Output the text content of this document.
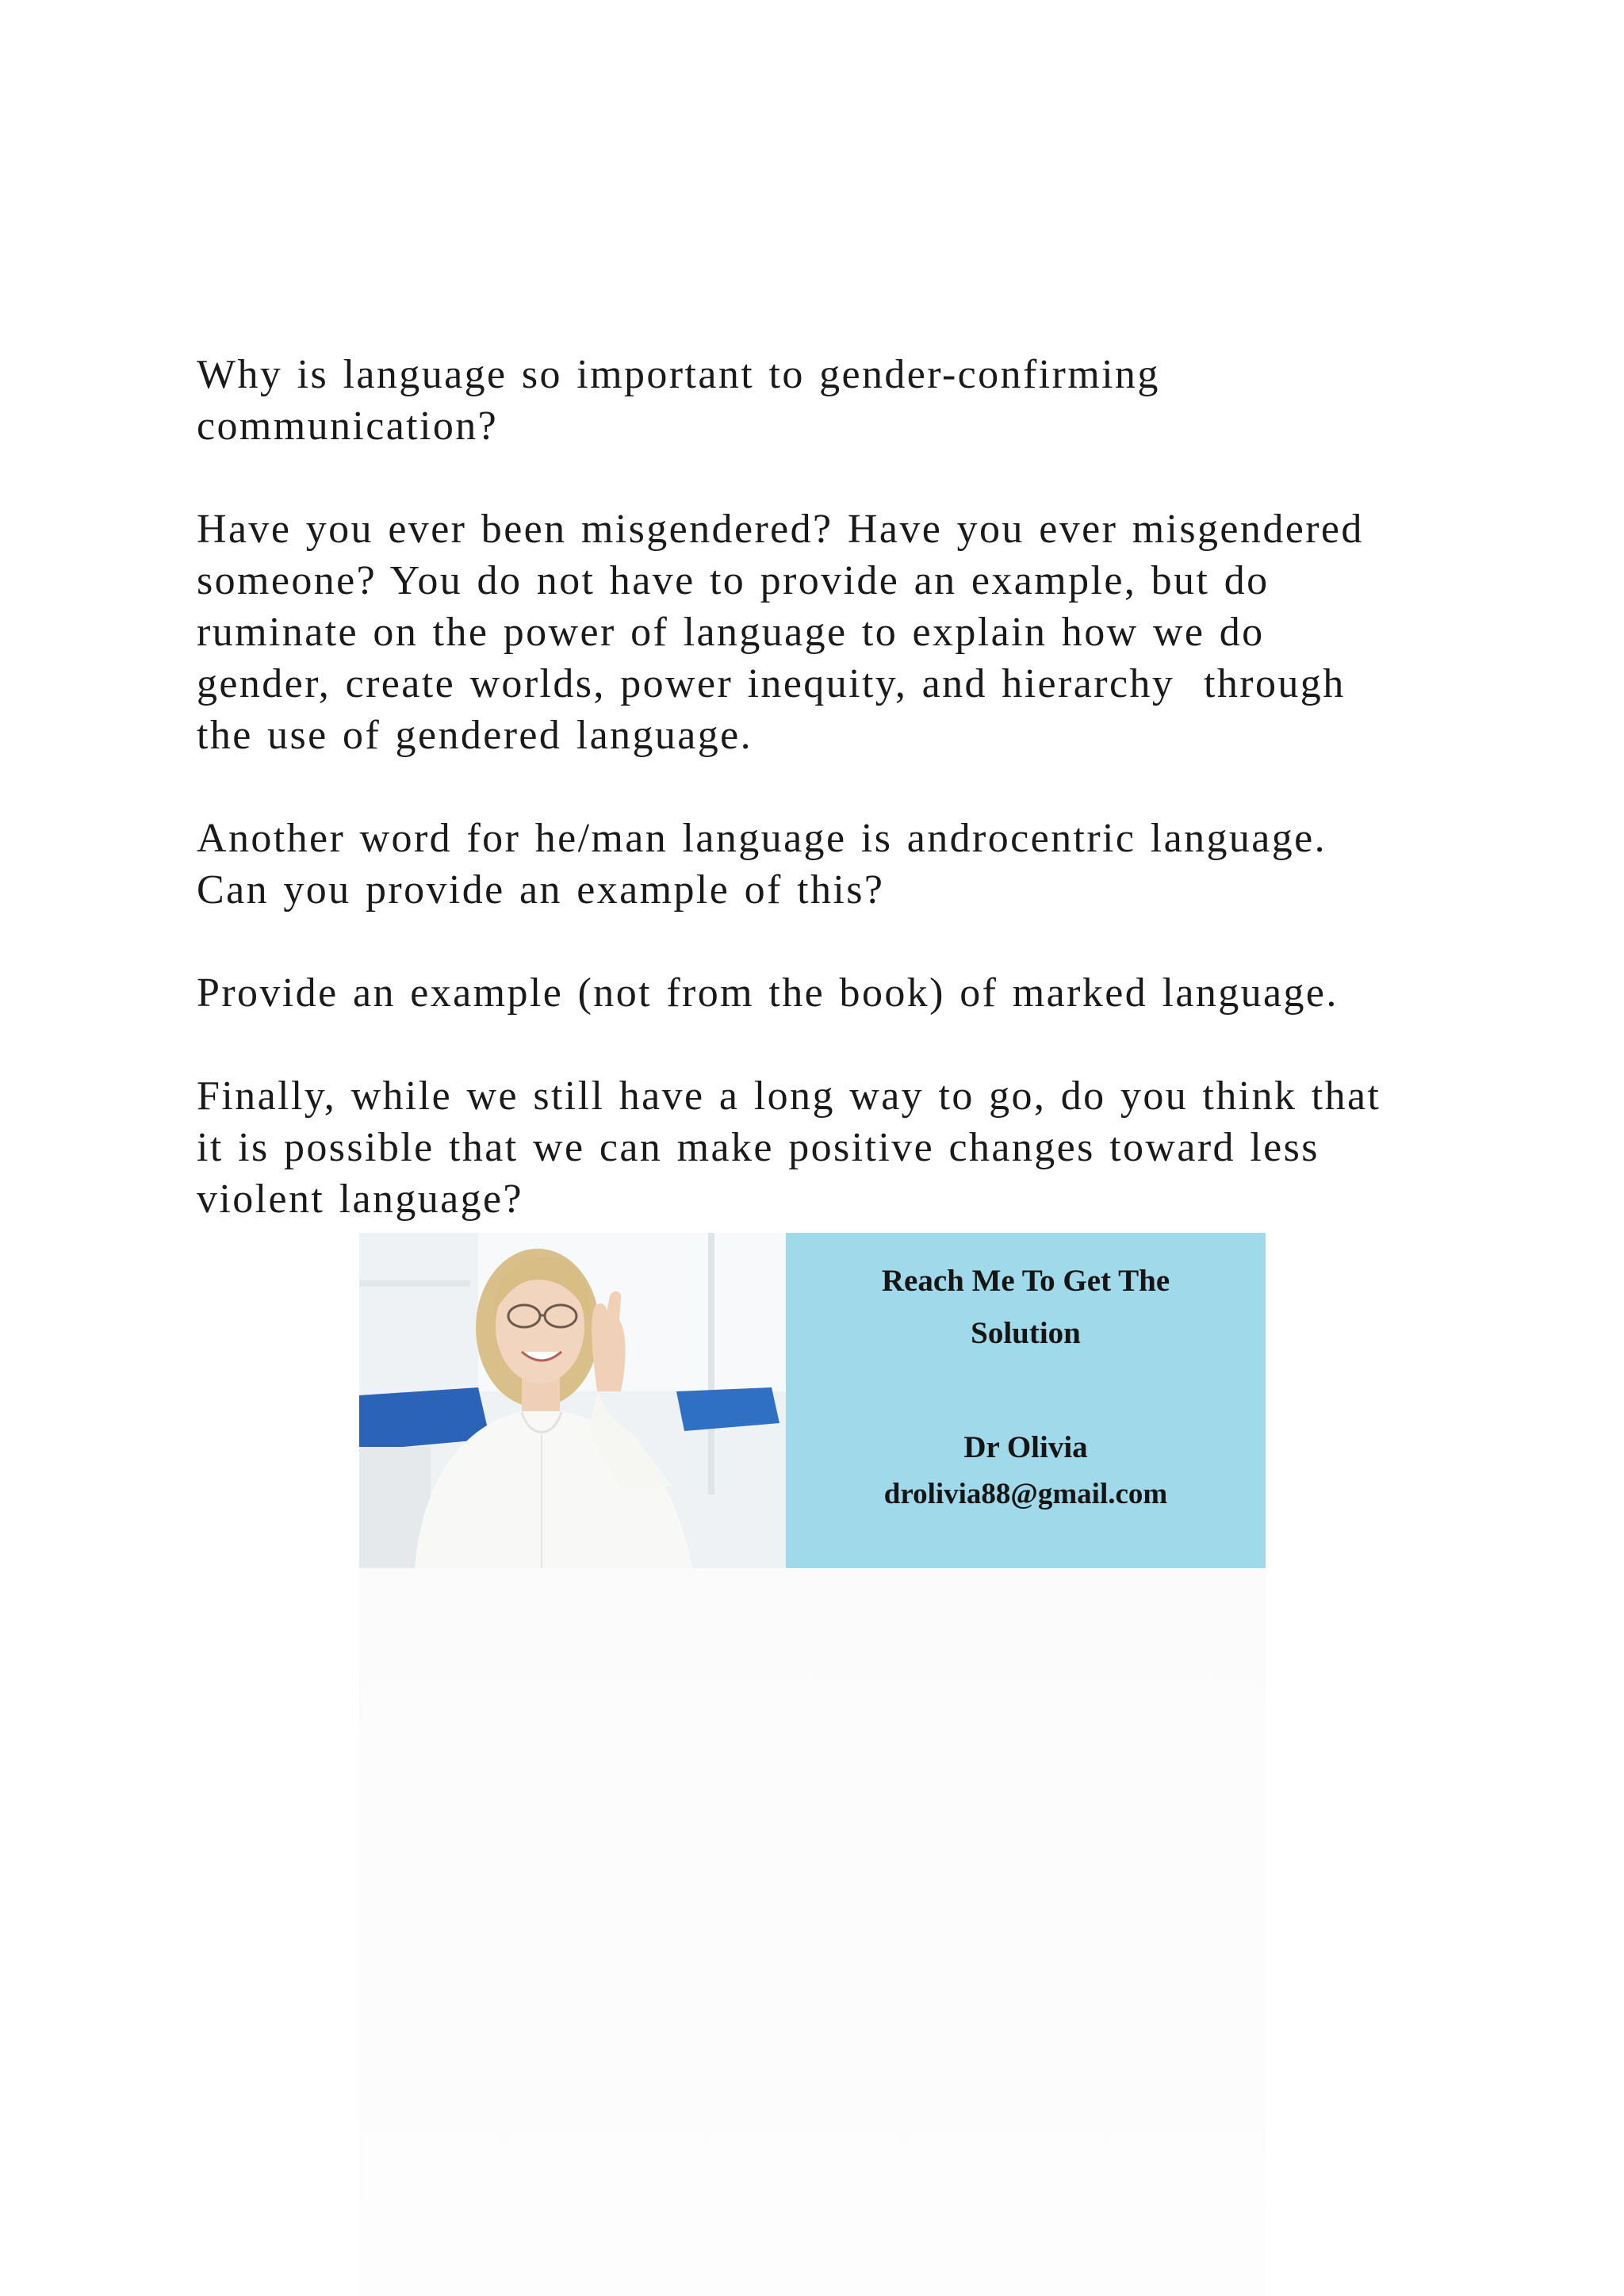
Why is language so important to gender-confirming
communication?

Have you ever been misgendered? Have you ever misgendered
someone? You do not have to provide an example, but do
ruminate on the power of language to explain how we do
gender, create worlds, power inequity, and hierarchy  through
the use of gendered language.

Another word for he/man language is androcentric language.
Can you provide an example of this?

Provide an example (not from the book) of marked language.

Finally, while we still have a long way to go, do you think that
it is possible that we can make positive changes toward less
violent language?

Reach Me To Get The
Solution
Dr Olivia
drolivia88@gmail.com
